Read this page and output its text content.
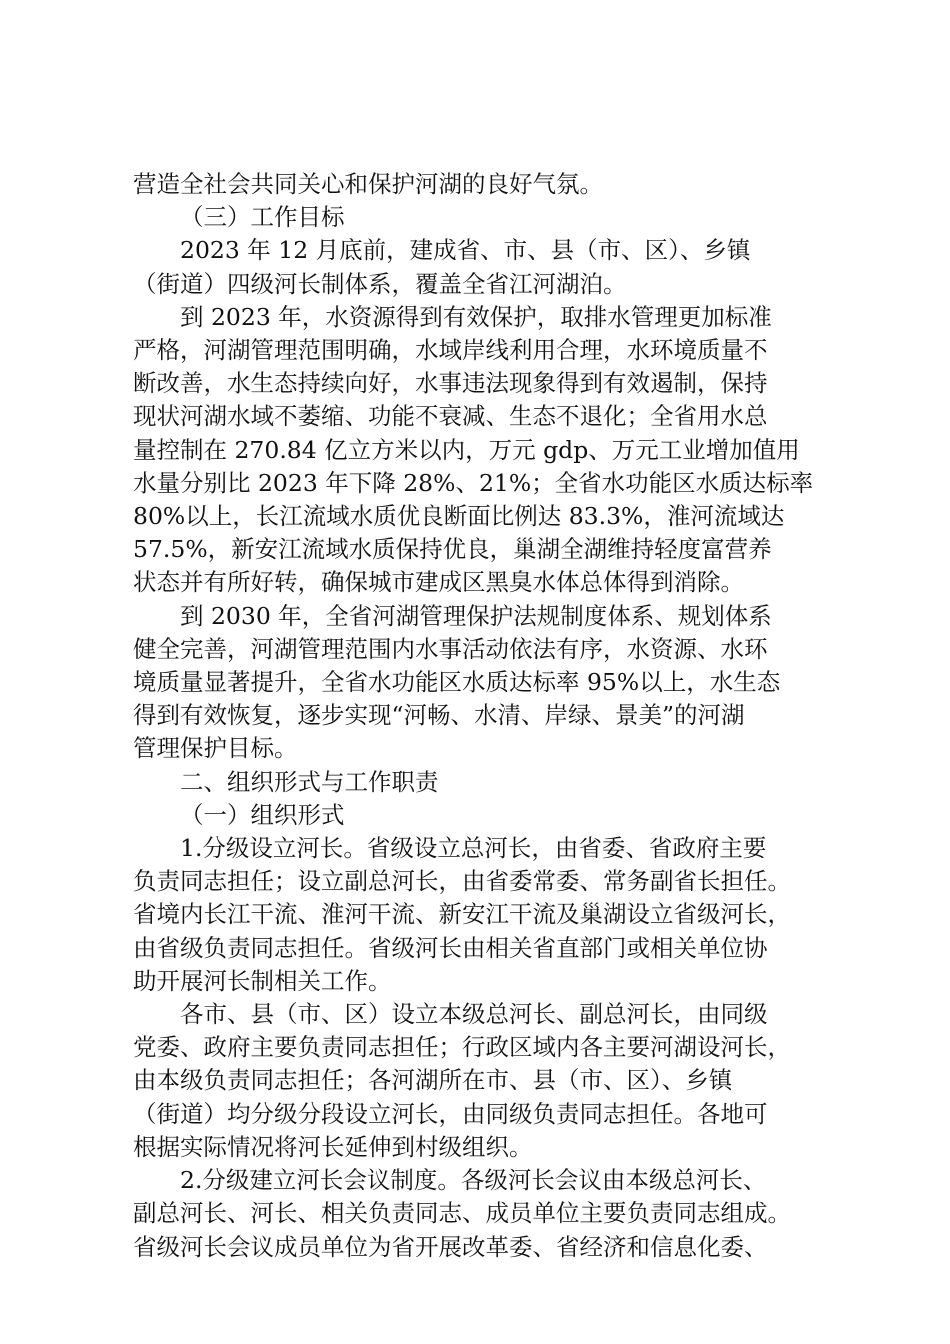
营造全社会共同关心和保护河湖的良好气氛。

（三）工作目标

2023 年 12 月底前，建成省、市、县（市、区）、乡镇
（街道）四级河长制体系，覆盖全省江河湖泊。

到 2023 年，水资源得到有效保护，取排水管理更加标准
严格，河湖管理范围明确，水域岸线利用合理，水环境质量不
断改善，水生态持续向好，水事违法现象得到有效遏制，保持
现状河湖水域不萎缩、功能不衰减、生态不退化；全省用水总
量控制在 270.84 亿立方米以内，万元 gdp、万元工业增加值用
水量分别比 2023 年下降 28%、21%；全省水功能区水质达标率
80%以上，长江流域水质优良断面比例达 83.3%，淮河流域达
57.5%，新安江流域水质保持优良，巢湖全湖维持轻度富营养
状态并有所好转，确保城市建成区黑臭水体总体得到消除。

到 2030 年，全省河湖管理保护法规制度体系、规划体系
健全完善，河湖管理范围内水事活动依法有序，水资源、水环
境质量显著提升，全省水功能区水质达标率 95%以上，水生态
得到有效恢复，逐步实现“河畅、水清、岸绿、景美”的河湖
管理保护目标。

二、组织形式与工作职责

（一）组织形式

1.分级设立河长。省级设立总河长，由省委、省政府主要
负责同志担任；设立副总河长，由省委常委、常务副省长担任。
省境内长江干流、淮河干流、新安江干流及巢湖设立省级河长，
由省级负责同志担任。省级河长由相关省直部门或相关单位协
助开展河长制相关工作。

各市、县（市、区）设立本级总河长、副总河长，由同级
党委、政府主要负责同志担任；行政区域内各主要河湖设河长，
由本级负责同志担任；各河湖所在市、县（市、区）、乡镇
（街道）均分级分段设立河长，由同级负责同志担任。各地可
根据实际情况将河长延伸到村级组织。

2.分级建立河长会议制度。各级河长会议由本级总河长、
副总河长、河长、相关负责同志、成员单位主要负责同志组成。
省级河长会议成员单位为省开展改革委、省经济和信息化委、
